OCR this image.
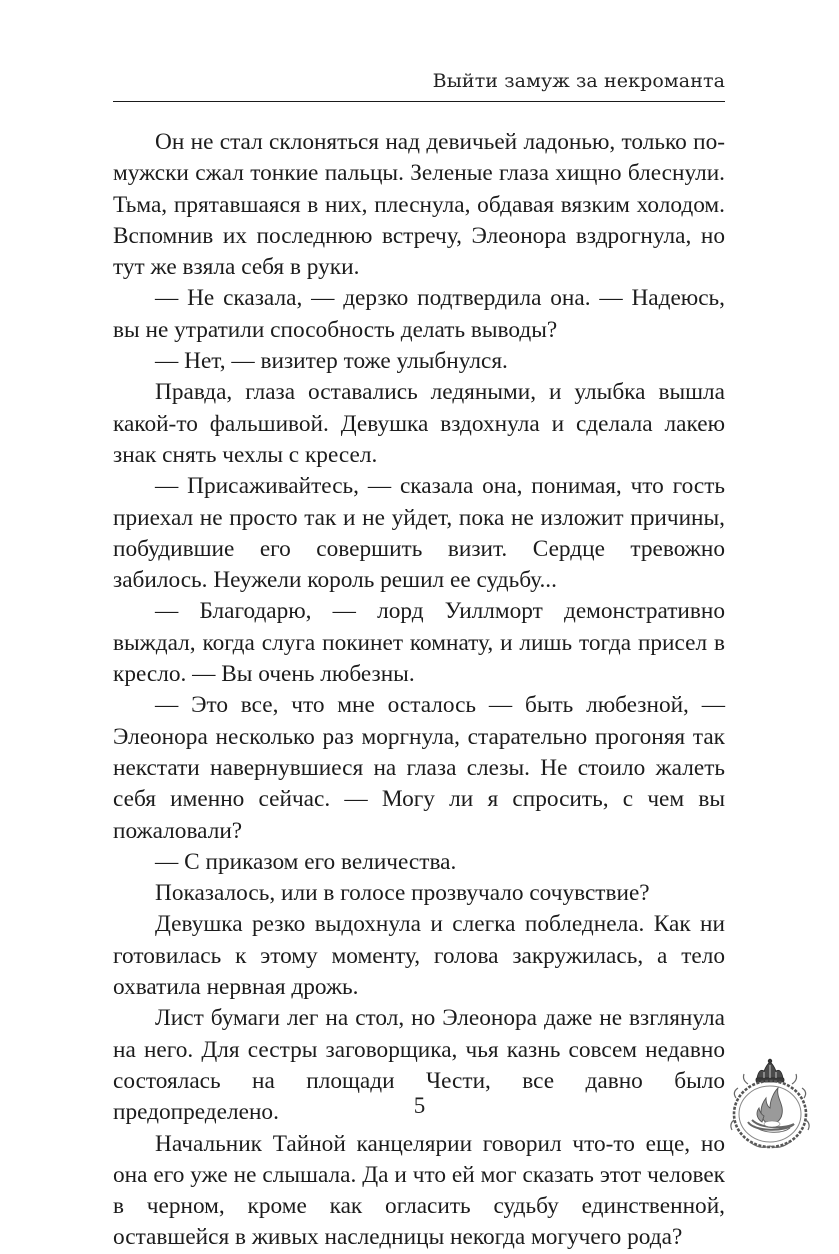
Выйти замуж за некроманта

Он не стал склоняться над девичьей ладонью, только по-мужски сжал тонкие пальцы. Зеленые глаза хищно блеснули. Тьма, прятавшаяся в них, плеснула, обдавая вязким холодом. Вспомнив их последнюю встречу, Элеонора вздрогнула, но тут же взяла себя в руки.

— Не сказала, — дерзко подтвердила она. — Надеюсь, вы не утратили способность делать выводы?

— Нет, — визитер тоже улыбнулся.

Правда, глаза оставались ледяными, и улыбка вышла какой-то фальшивой. Девушка вздохнула и сделала лакею знак снять чехлы с кресел.

— Присаживайтесь, — сказала она, понимая, что гость приехал не просто так и не уйдет, пока не изложит причины, побудившие его совершить визит. Сердце тревожно забилось. Неужели король решил ее судьбу...

— Благодарю, — лорд Уиллморт демонстративно выждал, когда слуга покинет комнату, и лишь тогда присел в кресло. — Вы очень любезны.

— Это все, что мне осталось — быть любезной, — Элеонора несколько раз моргнула, старательно прогоняя так некстати навернувшиеся на глаза слезы. Не стоило жалеть себя именно сейчас. — Могу ли я спросить, с чем вы пожаловали?

— С приказом его величества.

Показалось, или в голосе прозвучало сочувствие?

Девушка резко выдохнула и слегка побледнела. Как ни готовилась к этому моменту, голова закружилась, а тело охватила нервная дрожь.

Лист бумаги лег на стол, но Элеонора даже не взглянула на него. Для сестры заговорщика, чья казнь совсем недавно состоялась на площади Чести, все давно было предопределено.

Начальник Тайной канцелярии говорил что-то еще, но она его уже не слышала. Да и что ей мог сказать этот человек в черном, кроме как огласить судьбу единственной, оставшейся в живых наследницы некогда могучего рода?

5
